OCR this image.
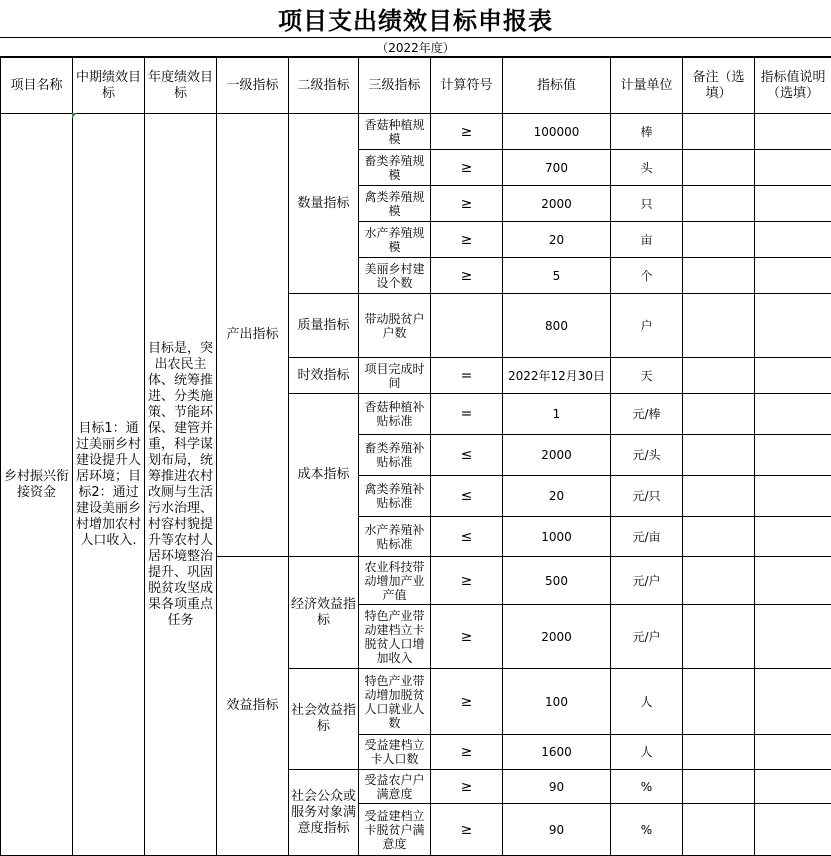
项目支出绩效目标申报表
（2022年度）
项目名称	中期绩效目标	年度绩效目标	一级指标	二级指标	三级指标	计算符号	指标值	计量单位	备注（选填）	指标值说明（选填）
乡村振兴衔接资金	目标1：通过美丽乡村建设提升人居环境；目标2：通过建设美丽乡村增加农村人口收入.	目标是，突出农民主体、统筹推进、分类施策、节能环保、建管并重，科学谋划布局，统筹推进农村改厕与生活污水治理、村容村貌提升等农村人居环境整治提升、巩固脱贫攻坚成果各项重点任务	产出指标	数量指标	香菇种植规模	≥	100000	棒		
					畜类养殖规模	≥	700	头		
					禽类养殖规模	≥	2000	只		
					水产养殖规模	≥	20	亩		
					美丽乡村建设个数	≥	5	个		
				质量指标	带动脱贫户户数		800	户		
				时效指标	项目完成时间	=	2022年12月30日	天		
				成本指标	香菇种植补贴标准	=	1	元/棒		
					畜类养殖补贴标准	≤	2000	元/头		
					禽类养殖补贴标准	≤	20	元/只		
					水产养殖补贴标准	≤	1000	元/亩		
			效益指标	经济效益指标	农业科技带动增加产业产值	≥	500	元/户		
					特色产业带动建档立卡脱贫人口增加收入	≥	2000	元/户		
				社会效益指标	特色产业带动增加脱贫人口就业人数	≥	100	人		
					受益建档立卡人口数	≥	1600	人		
				社会公众或服务对象满意度指标	受益农户户满意度	≥	90	%		
					受益建档立卡脱贫户满意度	≥	90	%		
